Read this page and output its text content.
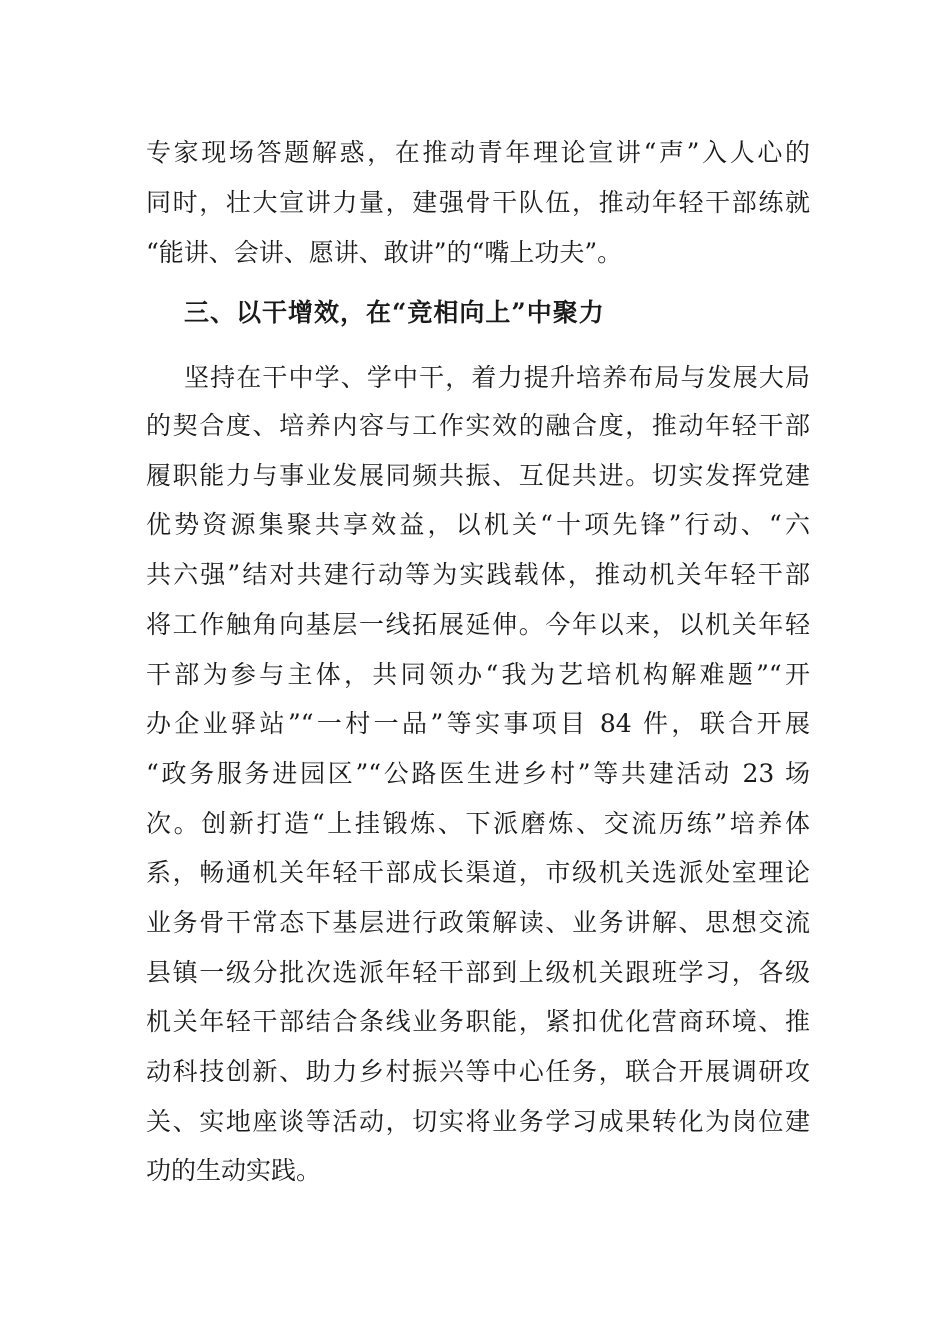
专家现场答题解惑，在推动青年理论宣讲“声”入人心的
同时，壮大宣讲力量，建强骨干队伍，推动年轻干部练就
“能讲、会讲、愿讲、敢讲”的“嘴上功夫”。
三、以干增效，在“竞相向上”中聚力
坚持在干中学、学中干，着力提升培养布局与发展大局
的契合度、培养内容与工作实效的融合度，推动年轻干部
履职能力与事业发展同频共振、互促共进。切实发挥党建
优势资源集聚共享效益，以机关“十项先锋”行动、“六
共六强”结对共建行动等为实践载体，推动机关年轻干部
将工作触角向基层一线拓展延伸。今年以来，以机关年轻
干部为参与主体，共同领办“我为艺培机构解难题”“开
办企业驿站”“一村一品”等实事项目 84 件，联合开展
“政务服务进园区”“公路医生进乡村”等共建活动 23 场
次。创新打造“上挂锻炼、下派磨炼、交流历练”培养体
系，畅通机关年轻干部成长渠道，市级机关选派处室理论
业务骨干常态下基层进行政策解读、业务讲解、思想交流
县镇一级分批次选派年轻干部到上级机关跟班学习，各级
机关年轻干部结合条线业务职能，紧扣优化营商环境、推
动科技创新、助力乡村振兴等中心任务，联合开展调研攻
关、实地座谈等活动，切实将业务学习成果转化为岗位建
功的生动实践。
